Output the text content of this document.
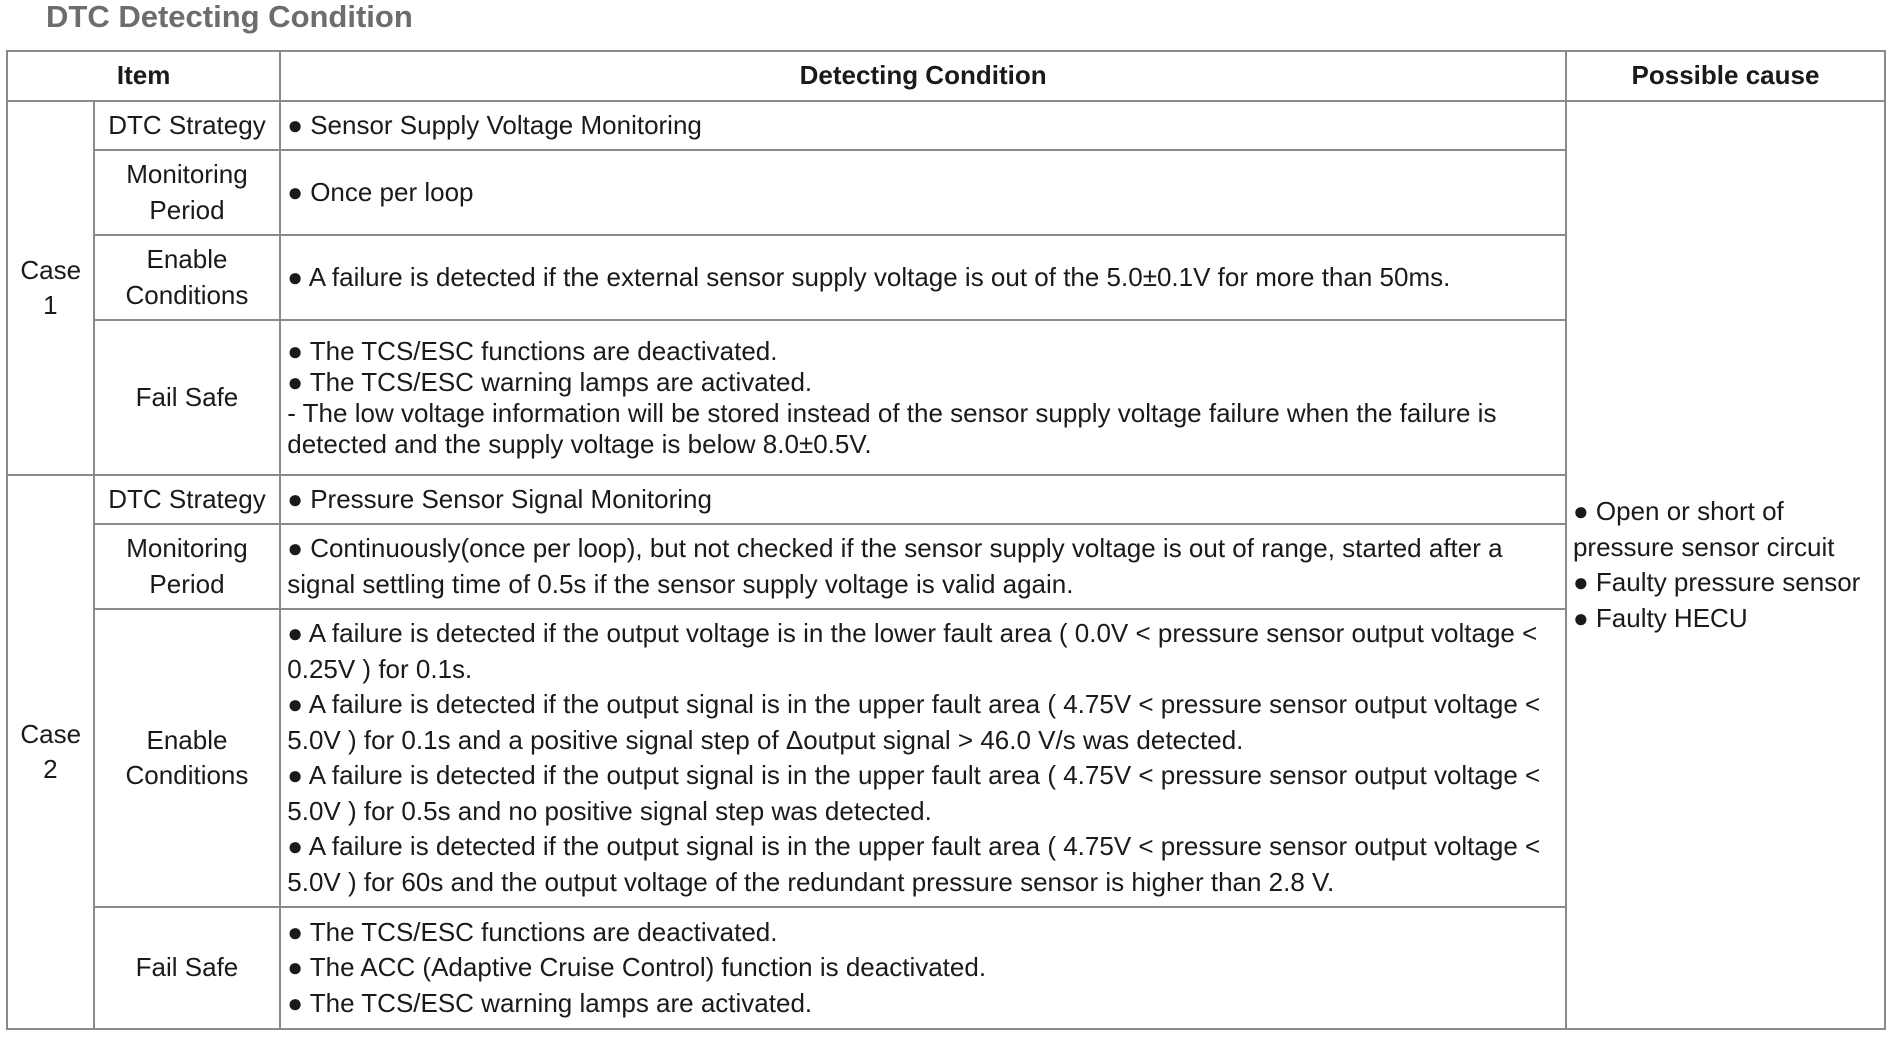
DTC Detecting Condition
Item		Detecting Condition	Possible cause
Case 1	DTC Strategy	● Sensor Supply Voltage Monitoring	● Open or short of pressure sensor circuit
● Faulty pressure sensor
● Faulty HECU

	Monitoring Period	● Once per loop	

	Enable Conditions	● A failure is detected if the external sensor supply voltage is out of the 5.0±0.1V for more than 50ms.	

	Fail Safe	● The TCS/ESC functions are deactivated.
● The TCS/ESC warning lamps are activated.
- The low voltage information will be stored instead of the sensor supply voltage failure when the failure is detected and the supply voltage is below 8.0±0.5V.	

Case 2	DTC Strategy	● Pressure Sensor Signal Monitoring	

	Monitoring Period	● Continuously(once per loop), but not checked if the sensor supply voltage is out of range, started after a signal settling time of 0.5s if the sensor supply voltage is valid again.	

	Enable Conditions	● A failure is detected if the output voltage is in the lower fault area ( 0.0V < pressure sensor output voltage < 0.25V ) for 0.1s.
● A failure is detected if the output signal is in the upper fault area ( 4.75V < pressure sensor output voltage < 5.0V ) for 0.1s and a positive signal step of Δoutput signal > 46.0 V/s was detected.
● A failure is detected if the output signal is in the upper fault area ( 4.75V < pressure sensor output voltage < 5.0V ) for 0.5s and no positive signal step was detected.
● A failure is detected if the output signal is in the upper fault area ( 4.75V < pressure sensor output voltage < 5.0V ) for 60s and the output voltage of the redundant pressure sensor is higher than 2.8 V.	

	Fail Safe	● The TCS/ESC functions are deactivated.
● The ACC (Adaptive Cruise Control) function is deactivated.
● The TCS/ESC warning lamps are activated.	
